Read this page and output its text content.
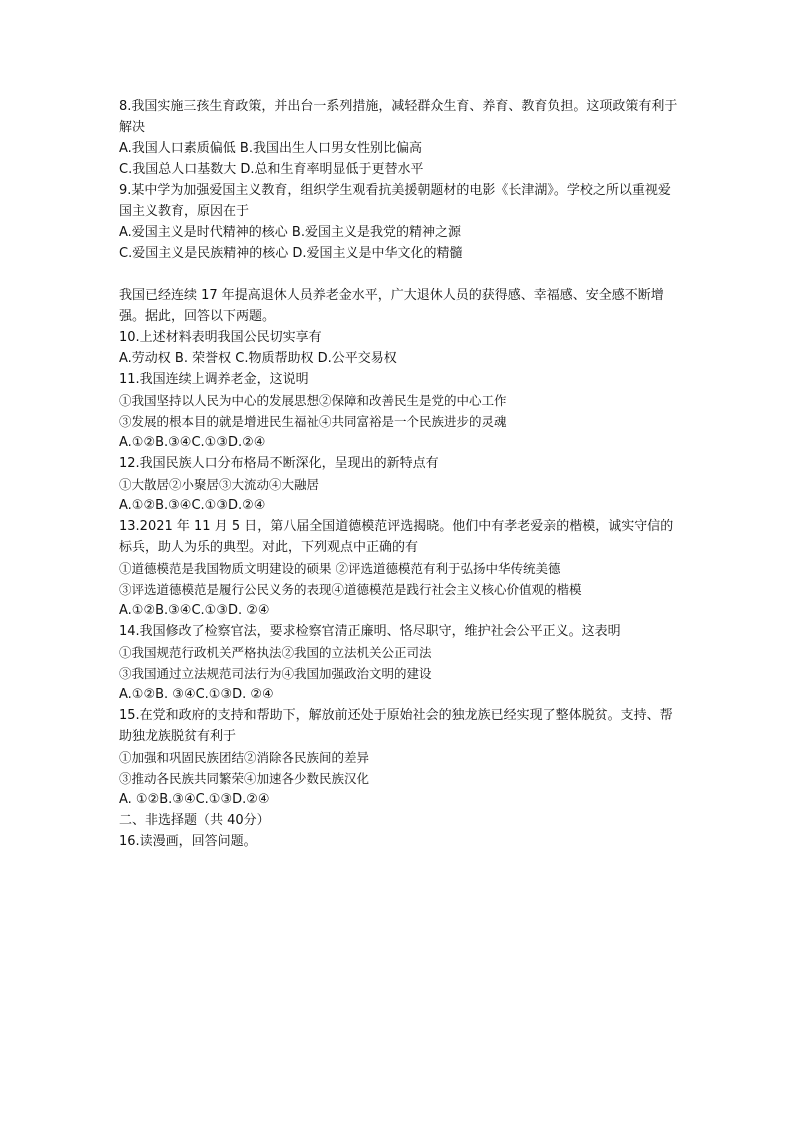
8.我国实施三孩生育政策，并出台一系列措施，减轻群众生育、养育、教育负担。这项政策有利于解决
A.我国人口素质偏低 B.我国出生人口男女性别比偏高
C.我国总人口基数大 D.总和生育率明显低于更替水平
9.某中学为加强爱国主义教育，组织学生观看抗美援朝题材的电影《长津湖》。学校之所以重视爱国主义教育，原因在于
A.爱国主义是时代精神的核心 B.爱国主义是我党的精神之源
C.爱国主义是民族精神的核心 D.爱国主义是中华文化的精髓
我国已经连续 17 年提高退休人员养老金水平，广大退休人员的获得感、幸福感、安全感不断增强。据此，回答以下两题。
10.上述材料表明我国公民切实享有
A.劳动权 B. 荣誉权 C.物质帮助权 D.公平交易权
11.我国连续上调养老金，这说明
①我国坚持以人民为中心的发展思想②保障和改善民生是党的中心工作
③发展的根本目的就是增进民生福祉④共同富裕是一个民族进步的灵魂
A.①②B.③④C.①③D.②④
12.我国民族人口分布格局不断深化，呈现出的新特点有
①大散居②小聚居③大流动④大融居
A.①②B.③④C.①③D.②④
13.2021 年 11 月 5 日，第八届全国道德模范评选揭晓。他们中有孝老爱亲的楷模，诚实守信的标兵，助人为乐的典型。对此，下列观点中正确的有
①道德模范是我国物质文明建设的硕果 ②评选道德模范有利于弘扬中华传统美德
③评选道德模范是履行公民义务的表现④道德模范是践行社会主义核心价值观的楷模
A.①②B.③④C.①③D. ②④
14.我国修改了检察官法，要求检察官清正廉明、恪尽职守，维护社会公平正义。这表明
①我国规范行政机关严格执法②我国的立法机关公正司法
③我国通过立法规范司法行为④我国加强政治文明的建设
A.①②B. ③④C.①③D. ②④
15.在党和政府的支持和帮助下，解放前还处于原始社会的独龙族已经实现了整体脱贫。支持、帮助独龙族脱贫有利于
①加强和巩固民族团结②消除各民族间的差异
③推动各民族共同繁荣④加速各少数民族汉化
A. ①②B.③④C.①③D.②④
二、非选择题（共 40分）
16.读漫画，回答问题。
